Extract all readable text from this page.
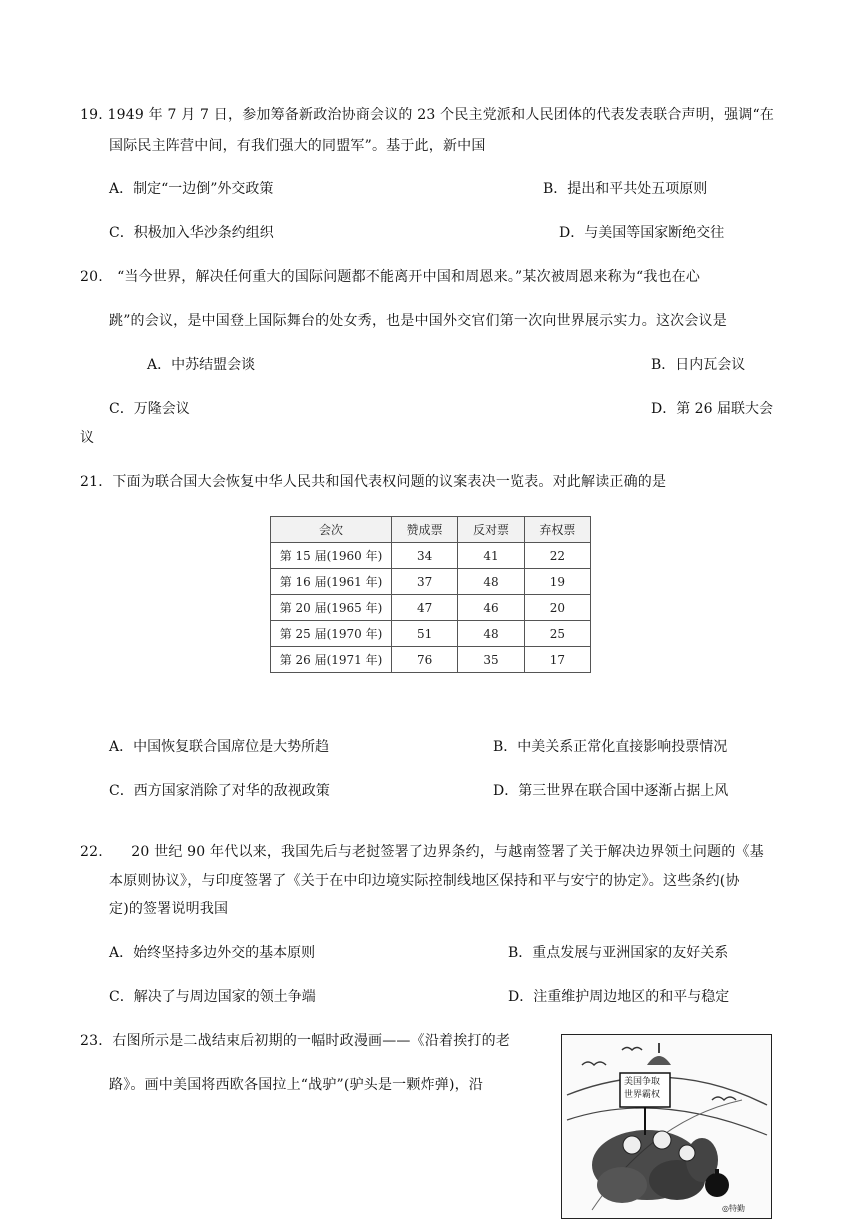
19. 1949 年 7 月 7 日，参加筹备新政治协商会议的 23 个民主党派和人民团体的代表发表联合声明，强调“在
国际民主阵营中间，有我们强大的同盟军”。基于此，新中国
A．制定“一边倒”外交政策	B．提出和平共处五项原则
C．积极加入华沙条约组织	D．与美国等国家断绝交往
20.　“当今世界，解决任何重大的国际问题都不能离开中国和周恩来。”某次被周恩来称为“我也在心
跳”的会议，是中国登上国际舞台的处女秀，也是中国外交官们第一次向世界展示实力。这次会议是
A．中苏结盟会谈	B．日内瓦会议
C．万隆会议	D．第 26 届联大会
议
21．下面为联合国大会恢复中华人民共和国代表权问题的议案表决一览表。对此解读正确的是
会次	赞成票	反对票	弃权票
第 15 届(1960 年)	34	41	22
第 16 届(1961 年)	37	48	19
第 20 届(1965 年)	47	46	20
第 25 届(1970 年)	51	48	25
第 26 届(1971 年)	76	35	17
A．中国恢复联合国席位是大势所趋	B．中美关系正常化直接影响投票情况
C．西方国家消除了对华的敌视政策	D．第三世界在联合国中逐渐占据上风
22.　　20 世纪 90 年代以来，我国先后与老挝签署了边界条约，与越南签署了关于解决边界领土问题的《基
本原则协议》，与印度签署了《关于在中印边境实际控制线地区保持和平与安宁的协定》。这些条约(协
定)的签署说明我国
A．始终坚持多边外交的基本原则	B．重点发展与亚洲国家的友好关系
C．解决了与周边国家的领土争端	D．注重维护周边地区的和平与稳定
23．右图所示是二战结束后初期的一幅时政漫画——《沿着挨打的老
路》。画中美国将西欧各国拉上“战驴”(驴头是一颗炸弹)，沿	美国争取
世界霸权
◎特勤
